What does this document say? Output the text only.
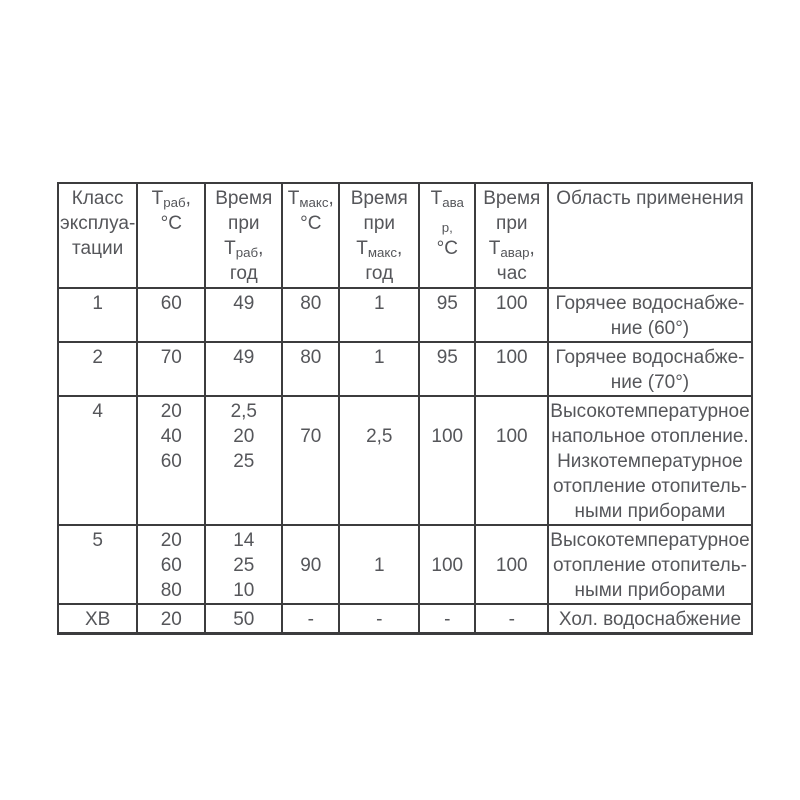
Класс
эксплуа-
тации	$Т_{раб}$,
°С	Время
при
$Т_{раб}$,
год	$Т_{макс}$,
°С	Время
при
$Т_{макс}$,
год	$Т_{ава}$
$_{р,}$
°С	Время
при
$Т_{авар}$,
час	Область применения

1	60	49	80	1	95	100	Горячее водоснабже-
ние (60°)

2	70	49	80	1	95	100	Горячее водоснабже-
ние (70°)

4	20
40
60	2,5
20
25	70	2,5	100	100	Высокотемпературное
напольное отопление.
Низкотемпературное
отопление отопитель-
ными приборами

5	20
60
80	14
25
10	90	1	100	100	Высокотемпературное
отопление отопитель-
ными приборами

ХВ	20	50	-	-	-	-	Хол. водоснабжение
